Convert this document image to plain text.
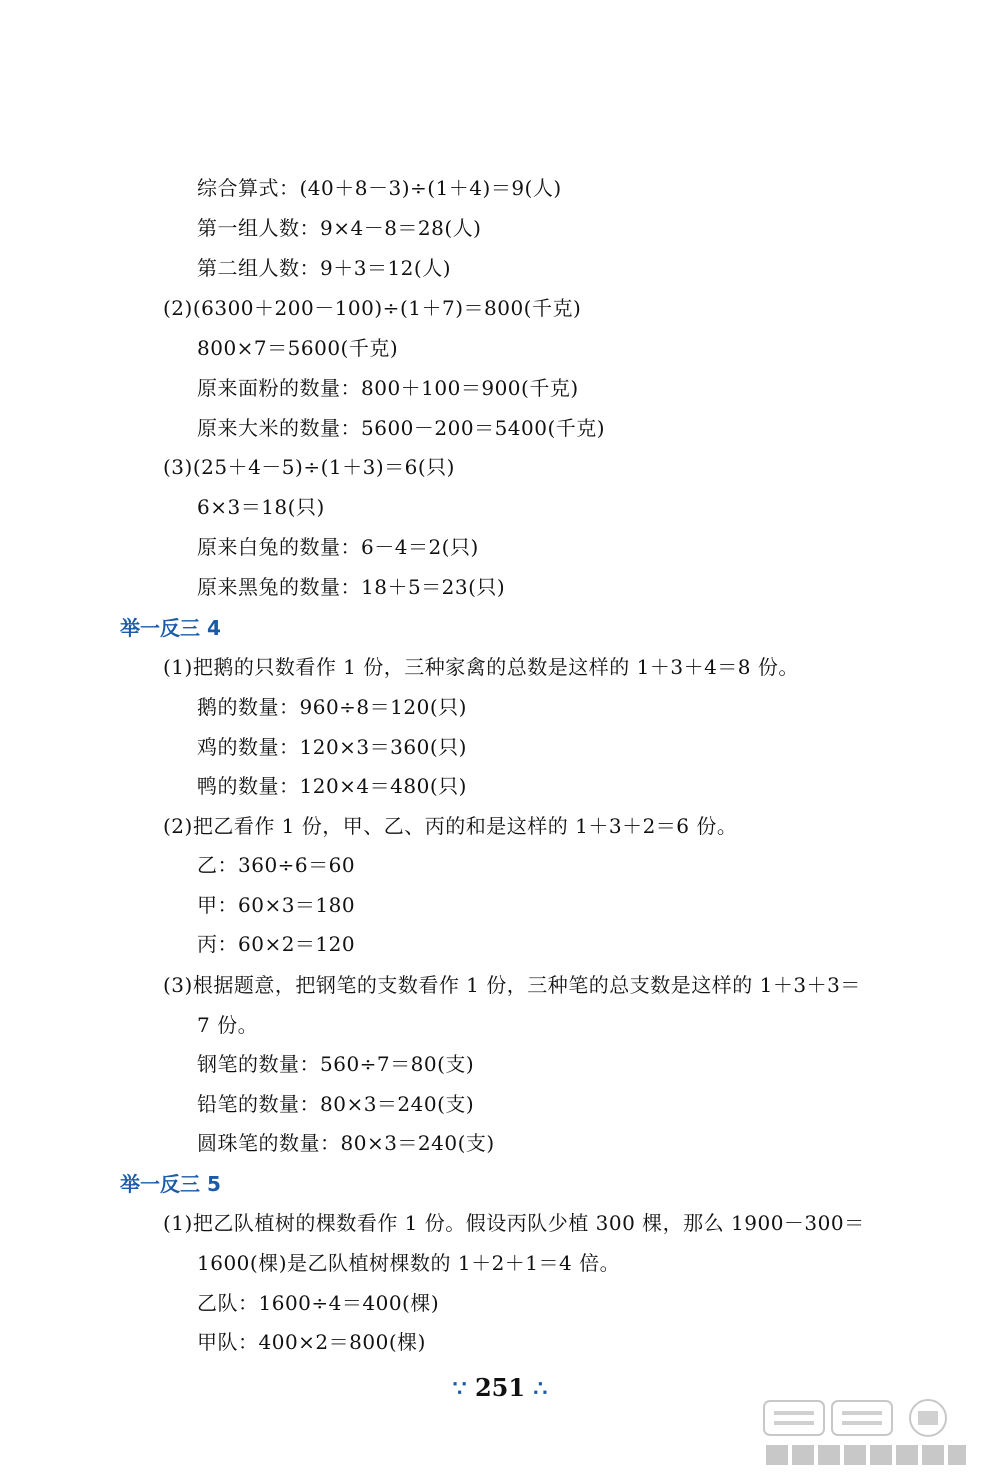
综合算式：(40＋8－3)÷(1＋4)＝9(人)
第一组人数：9×4－8＝28(人)
第二组人数：9＋3＝12(人)
(2)(6300＋200－100)÷(1＋7)＝800(千克)
800×7＝5600(千克)
原来面粉的数量：800＋100＝900(千克)
原来大米的数量：5600－200＝5400(千克)
(3)(25＋4－5)÷(1＋3)＝6(只)
6×3＝18(只)
原来白兔的数量：6－4＝2(只)
原来黑兔的数量：18＋5＝23(只)
举一反三 4
(1)把鹅的只数看作 1 份，三种家禽的总数是这样的 1＋3＋4＝8 份。
鹅的数量：960÷8＝120(只)
鸡的数量：120×3＝360(只)
鸭的数量：120×4＝480(只)
(2)把乙看作 1 份，甲、乙、丙的和是这样的 1＋3＋2＝6 份。
乙：360÷6＝60
甲：60×3＝180
丙：60×2＝120
(3)根据题意，把钢笔的支数看作 1 份，三种笔的总支数是这样的 1＋3＋3＝
7 份。
钢笔的数量：560÷7＝80(支)
铅笔的数量：80×3＝240(支)
圆珠笔的数量：80×3＝240(支)
举一反三 5
(1)把乙队植树的棵数看作 1 份。假设丙队少植 300 棵，那么 1900－300＝
1600(棵)是乙队植树棵数的 1＋2＋1＝4 倍。
乙队：1600÷4＝400(棵)
甲队：400×2＝800(棵)
∵ 251 ∴
